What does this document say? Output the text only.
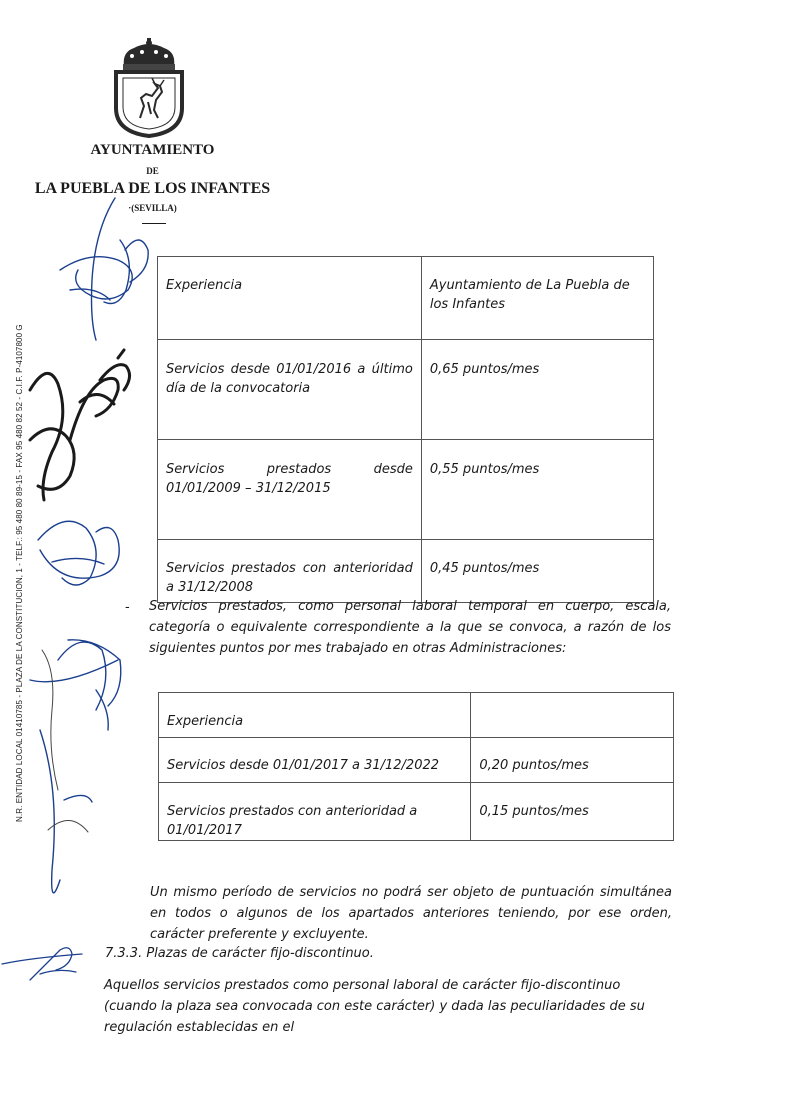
AYUNTAMIENTO
DE
LA PUEBLA DE LOS INFANTES
·(SEVILLA)
N.R. ENTIDAD LOCAL 01410785 - PLAZA DE LA CONSTITUCION, 1 - TELF.: 95 480 80 89-15 - FAX 95 480 82 52 - C.I.F. P-4107800 G
Experiencia	Ayuntamiento de La Puebla de los Infantes
Servicios desde 01/01/2016 a último día de la convocatoria	0,65 puntos/mes
Servicios prestados desde 01/01/2009 – 31/12/2015	0,55 puntos/mes
Servicios prestados con anterioridad a 31/12/2008	0,45 puntos/mes
- Servicios prestados, como personal laboral temporal en cuerpo, escala, categoría o equivalente correspondiente a la que se convoca, a razón de los siguientes puntos por mes trabajado en otras Administraciones:

Experiencia	
Servicios desde 01/01/2017 a 31/12/2022	0,20 puntos/mes
Servicios prestados con anterioridad a 01/01/2017	0,15 puntos/mes

Un mismo período de servicios no podrá ser objeto de puntuación simultánea en todos o algunos de los apartados anteriores teniendo, por ese orden, carácter preferente y excluyente.

7.3.3. Plazas de carácter fijo-discontinuo.

Aquellos servicios prestados como personal laboral de carácter fijo-discontinuo (cuando la plaza sea convocada con este carácter) y dada las peculiaridades de su regulación establecidas en el
